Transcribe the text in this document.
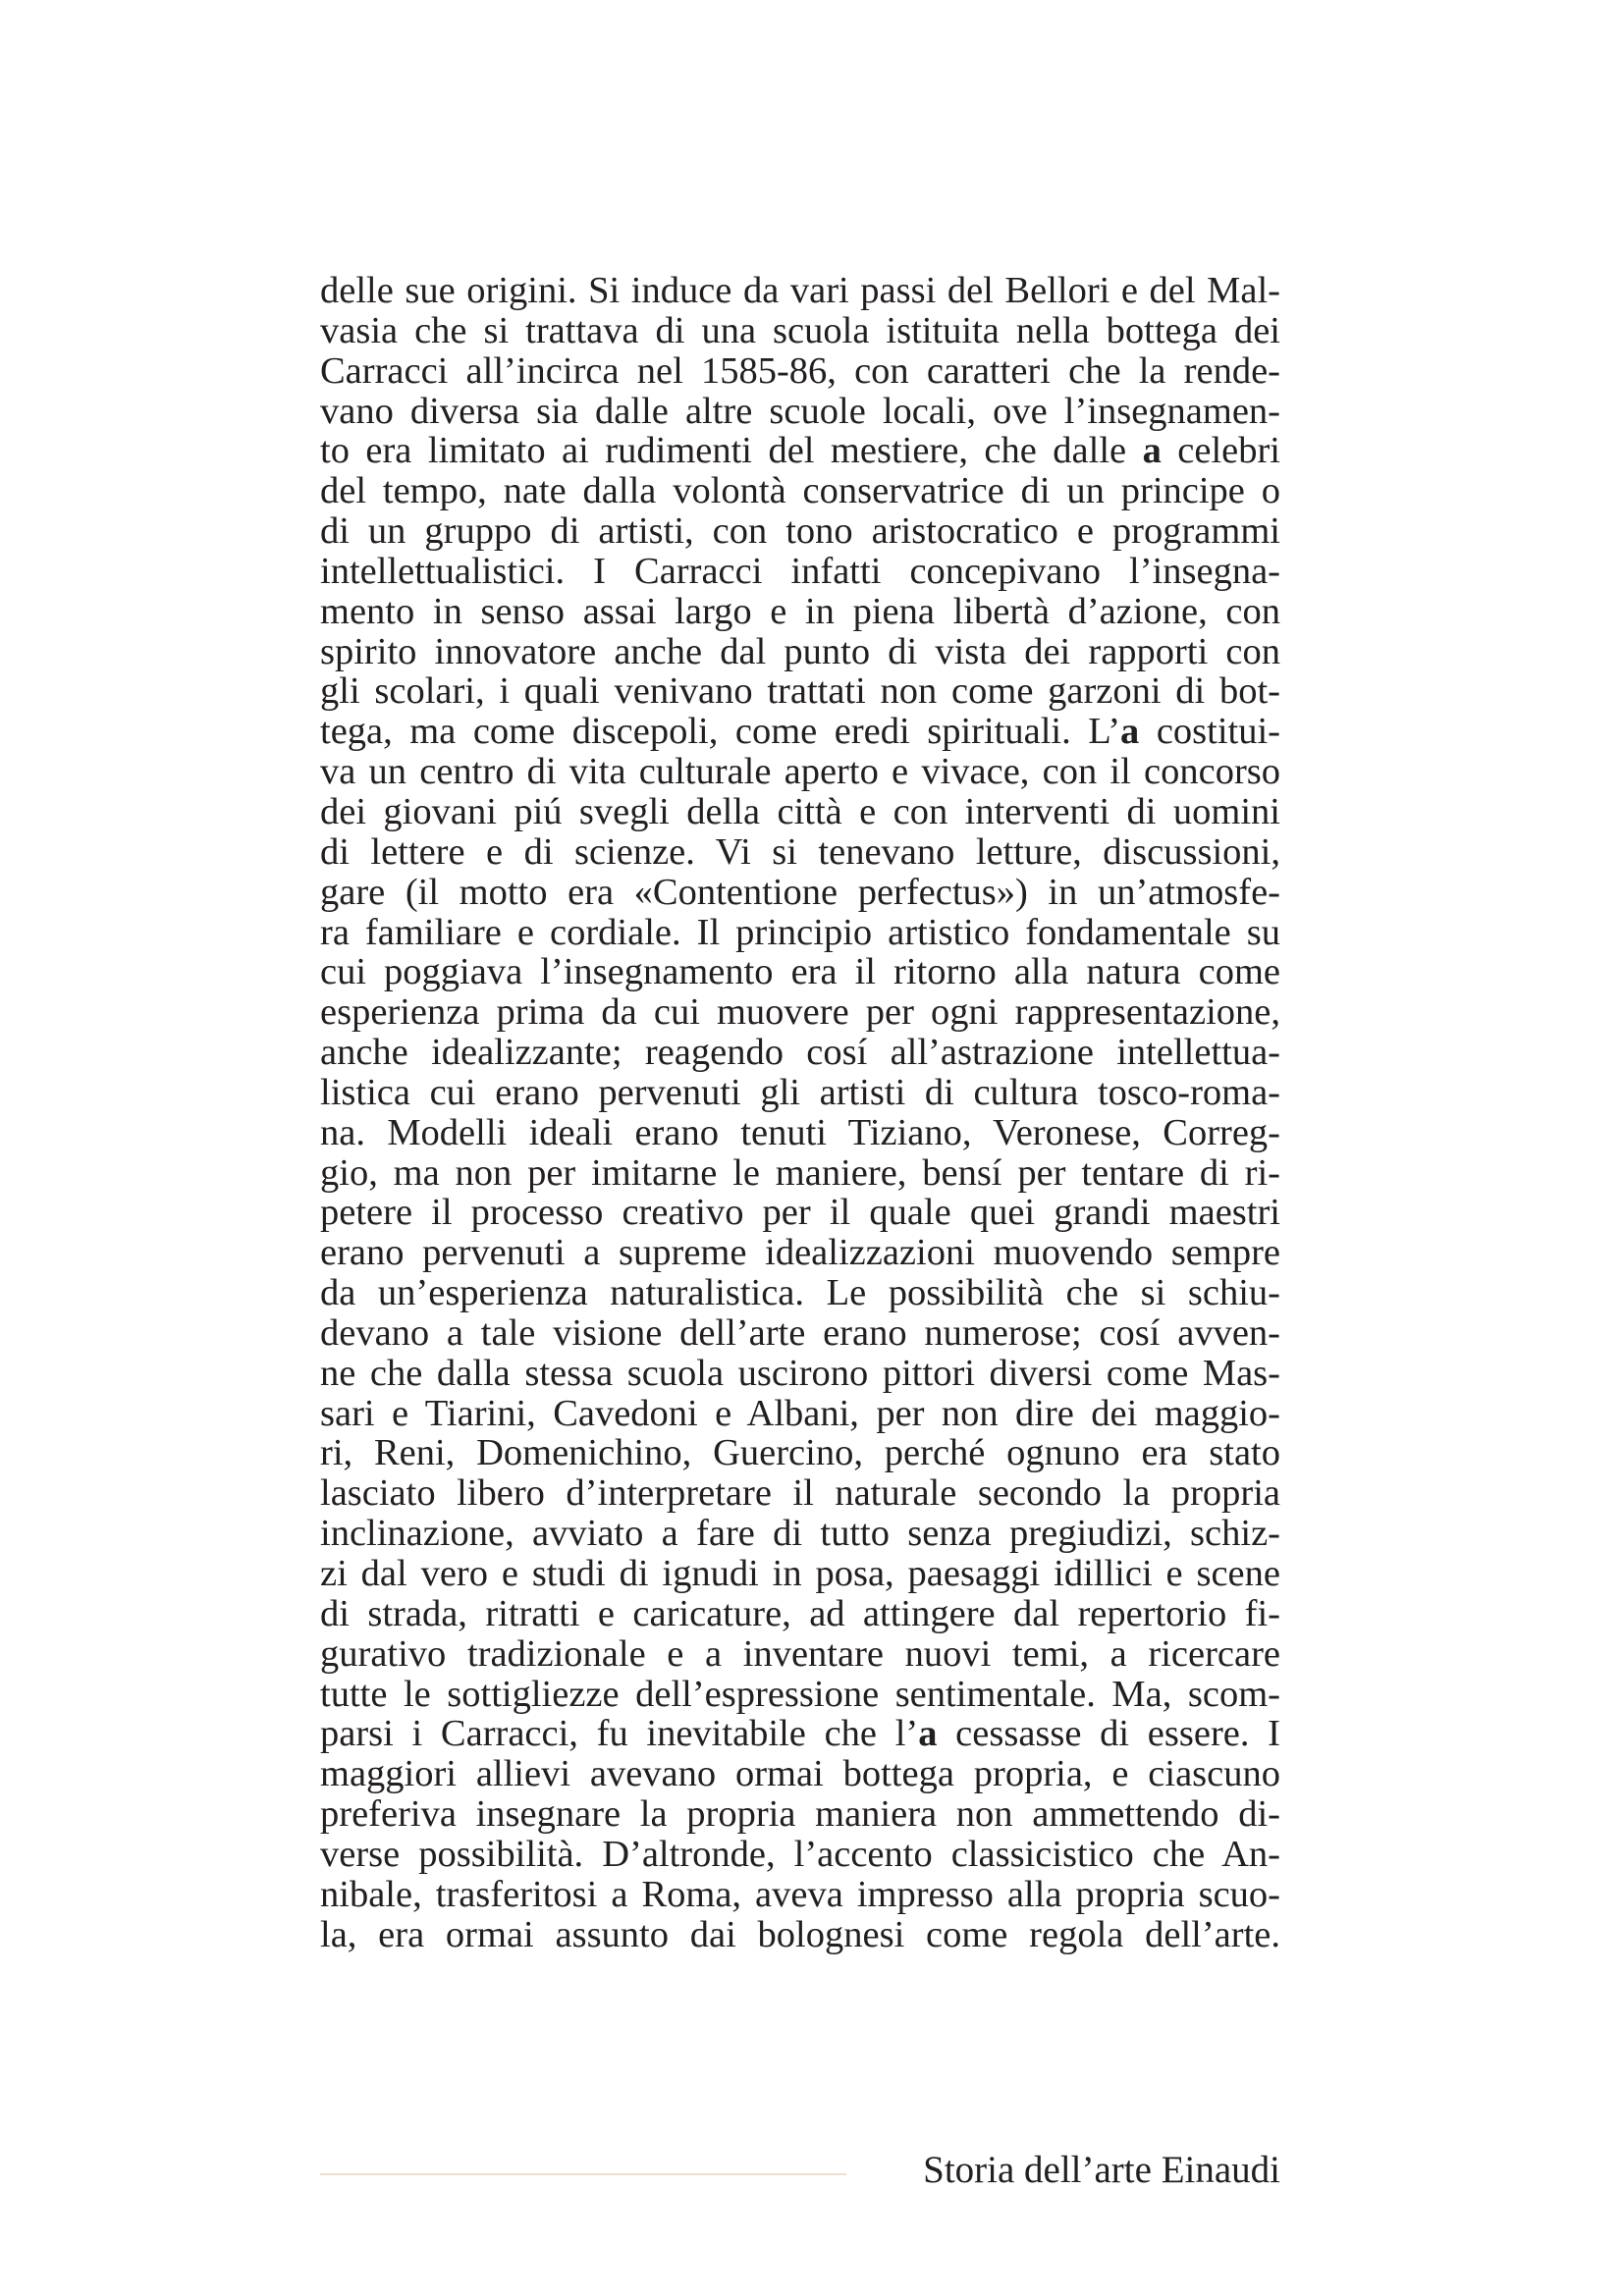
delle sue origini. Si induce da vari passi del Bellori e del Mal-
vasia che si trattava di una scuola istituita nella bottega dei
Carracci all’incirca nel 1585-86, con caratteri che la rende-
vano diversa sia dalle altre scuole locali, ove l’insegnamen-
to era limitato ai rudimenti del mestiere, che dalle a celebri
del tempo, nate dalla volontà conservatrice di un principe o
di un gruppo di artisti, con tono aristocratico e programmi
intellettualistici. I Carracci infatti concepivano l’insegna-
mento in senso assai largo e in piena libertà d’azione, con
spirito innovatore anche dal punto di vista dei rapporti con
gli scolari, i quali venivano trattati non come garzoni di bot-
tega, ma come discepoli, come eredi spirituali. L’a costitui-
va un centro di vita culturale aperto e vivace, con il concorso
dei giovani piú svegli della città e con interventi di uomini
di lettere e di scienze. Vi si tenevano letture, discussioni,
gare (il motto era «Contentione perfectus») in un’atmosfe-
ra familiare e cordiale. Il principio artistico fondamentale su
cui poggiava l’insegnamento era il ritorno alla natura come
esperienza prima da cui muovere per ogni rappresentazione,
anche idealizzante; reagendo cosí all’astrazione intellettua-
listica cui erano pervenuti gli artisti di cultura tosco-roma-
na. Modelli ideali erano tenuti Tiziano, Veronese, Correg-
gio, ma non per imitarne le maniere, bensí per tentare di ri-
petere il processo creativo per il quale quei grandi maestri
erano pervenuti a supreme idealizzazioni muovendo sempre
da un’esperienza naturalistica. Le possibilità che si schiu-
devano a tale visione dell’arte erano numerose; cosí avven-
ne che dalla stessa scuola uscirono pittori diversi come Mas-
sari e Tiarini, Cavedoni e Albani, per non dire dei maggio-
ri, Reni, Domenichino, Guercino, perché ognuno era stato
lasciato libero d’interpretare il naturale secondo la propria
inclinazione, avviato a fare di tutto senza pregiudizi, schiz-
zi dal vero e studi di ignudi in posa, paesaggi idillici e scene
di strada, ritratti e caricature, ad attingere dal repertorio fi-
gurativo tradizionale e a inventare nuovi temi, a ricercare
tutte le sottigliezze dell’espressione sentimentale. Ma, scom-
parsi i Carracci, fu inevitabile che l’a cessasse di essere. I
maggiori allievi avevano ormai bottega propria, e ciascuno
preferiva insegnare la propria maniera non ammettendo di-
verse possibilità. D’altronde, l’accento classicistico che An-
nibale, trasferitosi a Roma, aveva impresso alla propria scuo-
la, era ormai assunto dai bolognesi come regola dell’arte.
Storia dell’arte Einaudi
